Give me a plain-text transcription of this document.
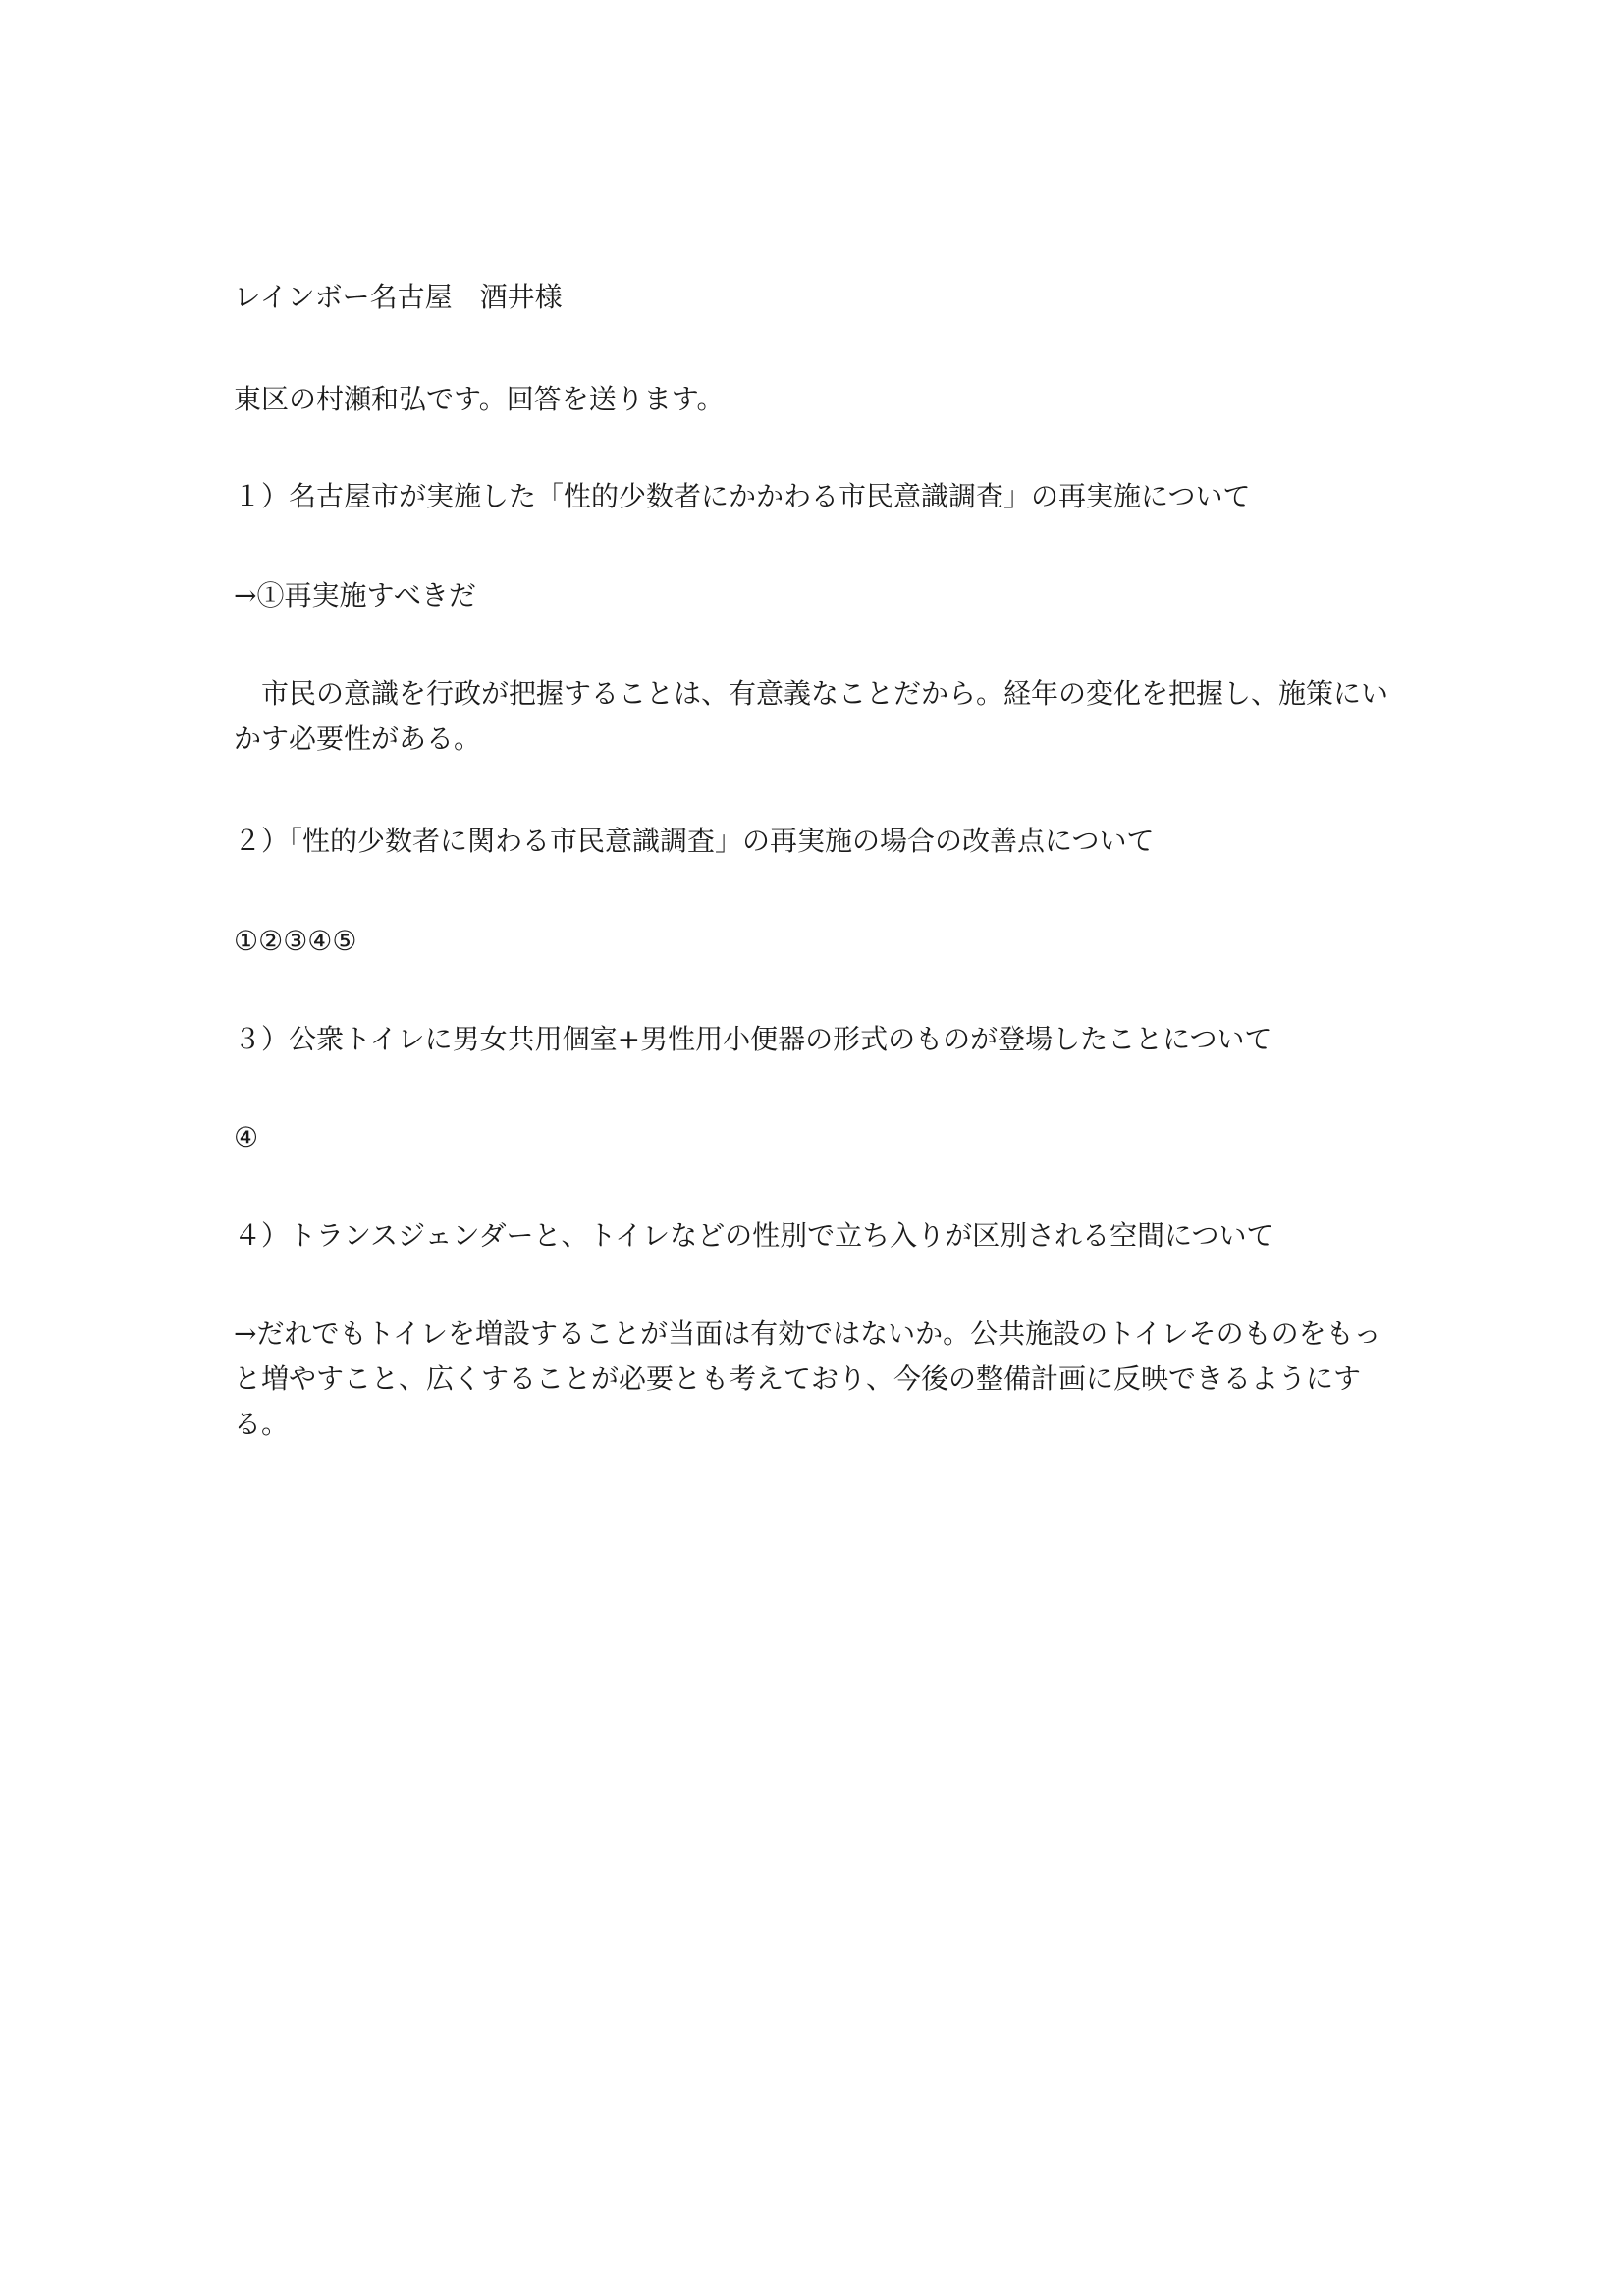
レインボー名古屋　酒井様

東区の村瀬和弘です。回答を送ります。

１）名古屋市が実施した「性的少数者にかかわる市民意識調査」の再実施について

→①再実施すべきだ

市民の意識を行政が把握することは、有意義なことだから。経年の変化を把握し、施策にいかす必要性がある。

２）「性的少数者に関わる市民意識調査」の再実施の場合の改善点について

①②③④⑤

３）公衆トイレに男女共用個室+男性用小便器の形式のものが登場したことについて

④

４）トランスジェンダーと、トイレなどの性別で立ち入りが区別される空間について

→だれでもトイレを増設することが当面は有効ではないか。公共施設のトイレそのものをもっと増やすこと、広くすることが必要とも考えており、今後の整備計画に反映できるようにする。
